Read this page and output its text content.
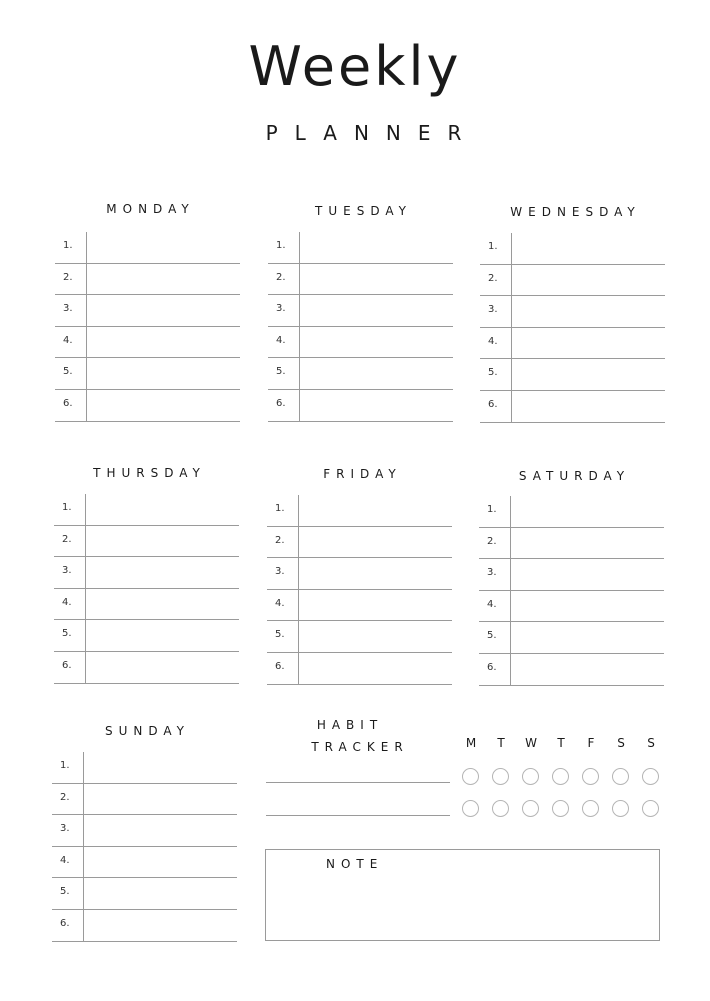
Weekly
PLANNER
MONDAY
1.
2.
3.
4.
5.
6.
TUESDAY
1.
2.
3.
4.
5.
6.
WEDNESDAY
1.
2.
3.
4.
5.
6.
THURSDAY
1.
2.
3.
4.
5.
6.
FRIDAY
1.
2.
3.
4.
5.
6.
SATURDAY
1.
2.
3.
4.
5.
6.
SUNDAY
1.
2.
3.
4.
5.
6.
HABIT
TRACKER	M	T	W	T	F	S	S
NOTE
